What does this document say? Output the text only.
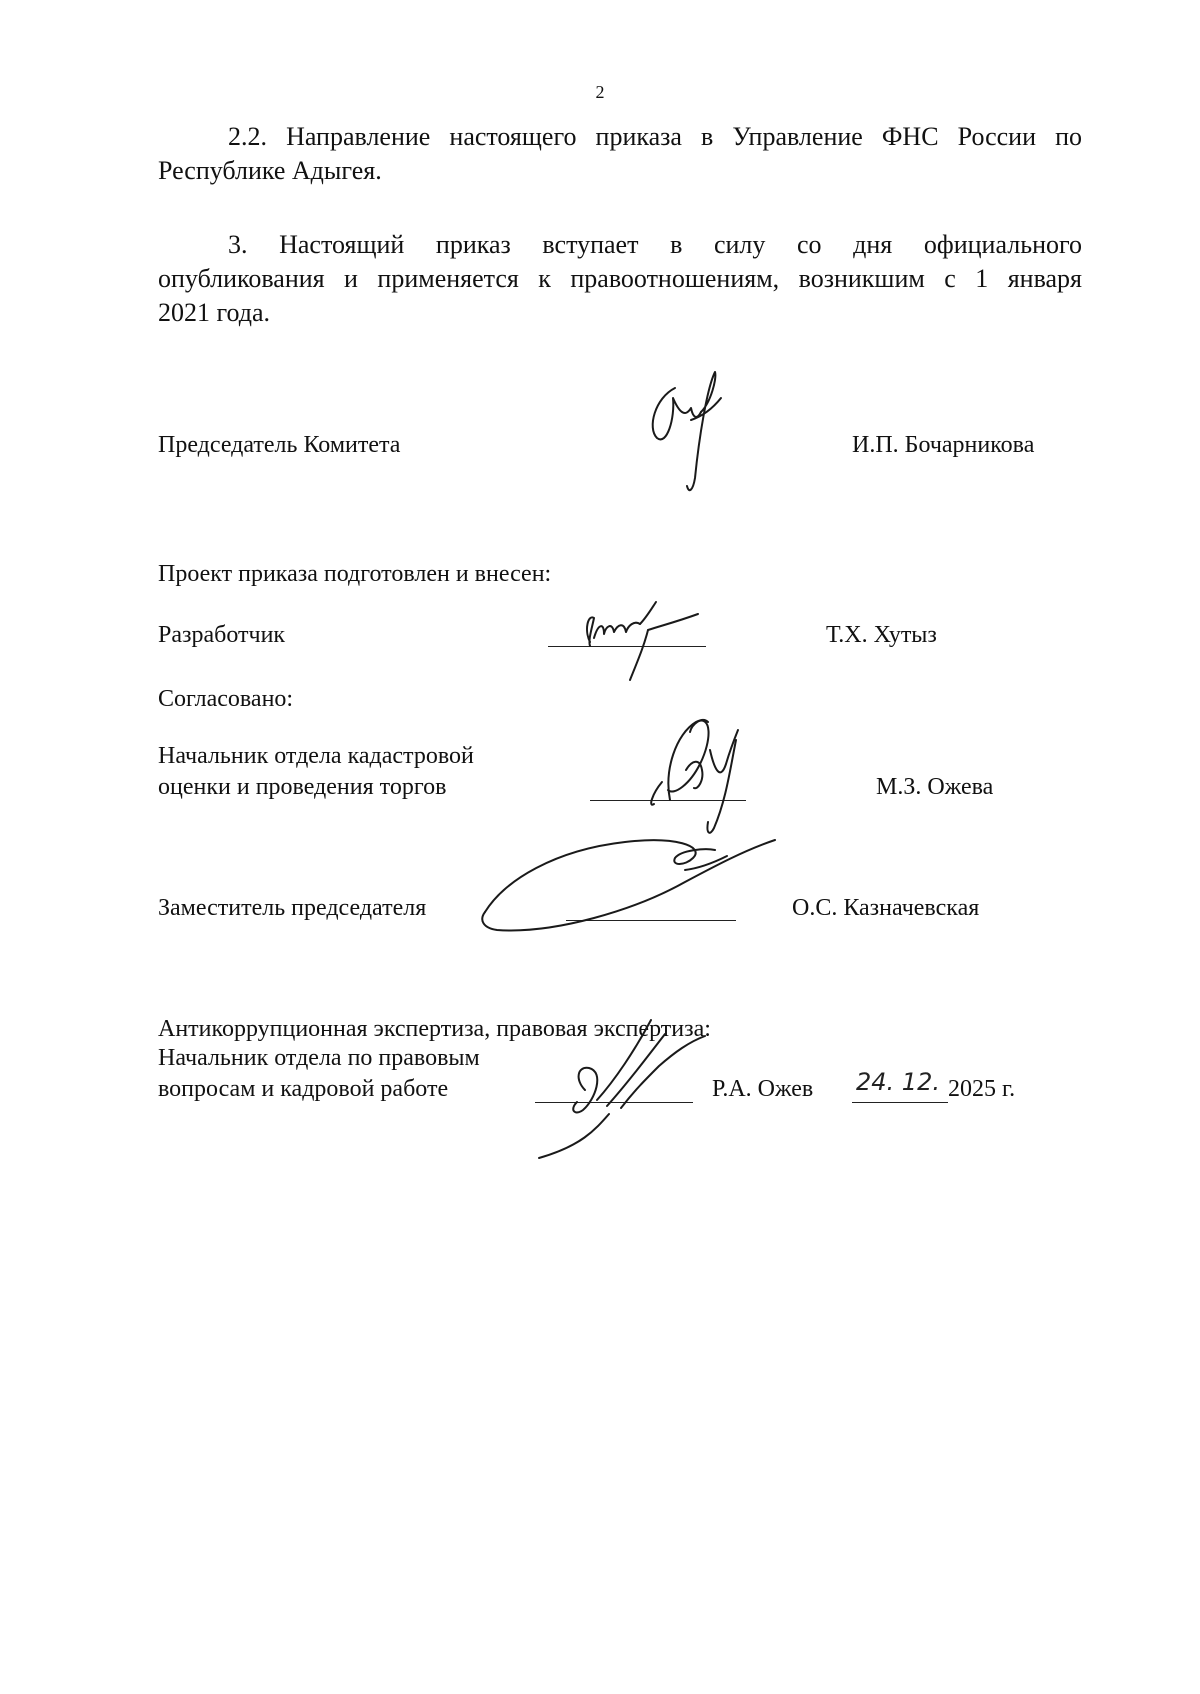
2
2.2. Направление настоящего приказа в Управление ФНС России по
Республике Адыгея.
3. Настоящий приказ вступает в силу со дня официального
опубликования и применяется к правоотношениям, возникшим с 1 января
2021 года.
Председатель Комитета	И.П. Бочарникова
Проект приказа подготовлен и внесен:
Разработчик	Т.Х. Хутыз
Согласовано:
Начальник отдела кадастровой
оценки и проведения торгов	М.З. Ожева
Заместитель председателя	О.С. Казначевская
Антикоррупционная экспертиза, правовая экспертиза:
Начальник отдела по правовым
вопросам и кадровой работе	Р.А. Ожев 24. 12. 2025 г.
